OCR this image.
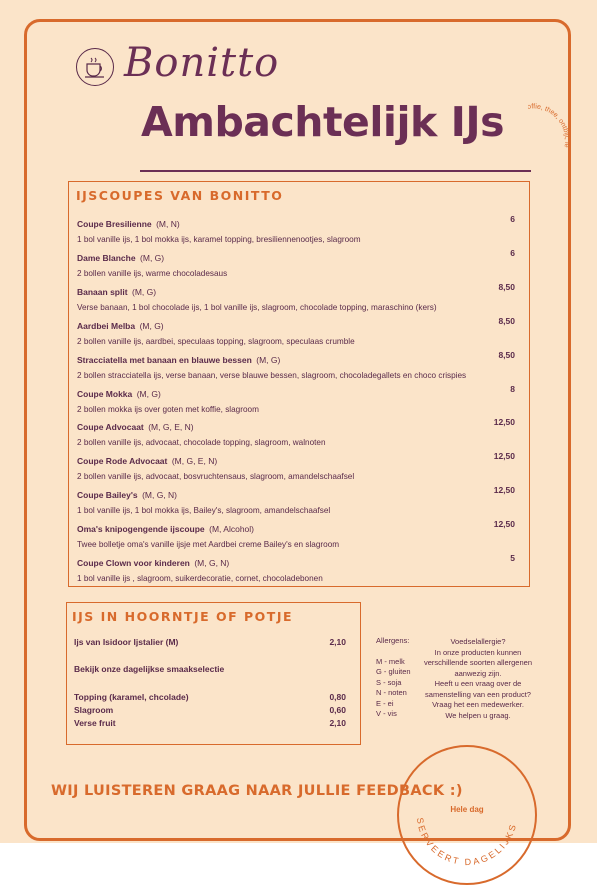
Bonitto
Koffie, thee, ontbijt, lekkers...
Ambachtelijk IJs
IJSCOUPES VAN BONITTO
Coupe Bresilienne (M, N)	6
1 bol vanille ijs, 1 bol mokka ijs, karamel topping, bresiliennenootjes, slagroom
Dame Blanche (M, G)	6
2 bollen vanille ijs, warme chocoladesaus
Banaan split (M, G)	8,50
Verse banaan, 1 bol chocolade ijs, 1 bol vanille ijs, slagroom, chocolade topping, maraschino (kers)
Aardbei Melba (M, G)	8,50
2 bollen vanille ijs, aardbei, speculaas topping, slagroom, speculaas crumble
Stracciatella met banaan en blauwe bessen (M, G)	8,50
2 bollen stracciatella ijs, verse banaan, verse blauwe bessen, slagroom, chocoladegallets en choco crispies
Coupe Mokka (M, G)	8
2 bollen mokka ijs over goten met koffie, slagroom
Coupe Advocaat (M, G, E, N)	12,50
2 bollen vanille ijs, advocaat, chocolade topping, slagroom, walnoten
Coupe Rode Advocaat (M, G, E, N)	12,50
2 bollen vanille ijs, advocaat, bosvruchtensaus, slagroom, amandelschaafsel
Coupe Bailey's (M, G, N)	12,50
1 bol vanille ijs, 1 bol mokka ijs, Bailey's, slagroom, amandelschaafsel
Oma's knipogengende ijscoupe (M, Alcohol)	12,50
Twee bolletje oma's vanille ijsje met Aardbei creme Bailey's en slagroom
Coupe Clown voor kinderen (M, G, N)	5
1 bol vanille ijs , slagroom, suikerdecoratie, cornet, chocoladebonen
IJS IN HOORNTJE OF POTJE
Ijs van Isidoor Ijstalier (M)	2,10
Bekijk onze dagelijkse smaakselectie
Topping (karamel, chcolade)	0,80
Slagroom	0,60
Verse fruit	2,10
Allergens:
M - melk
G - gluiten
S - soja
N - noten
E - ei
V - vis
Voedselallergie?
In onze producten kunnen
verschillende soorten allergenen
aanwezig zijn.
Heeft u een vraag over de
samenstelling van een product?
Vraag het een medewerker.
We helpen u graag.
WIJ LUISTEREN GRAAG NAAR JULLIE FEEDBACK :)
SERVEERT DAGELIJKS
Hele dag
